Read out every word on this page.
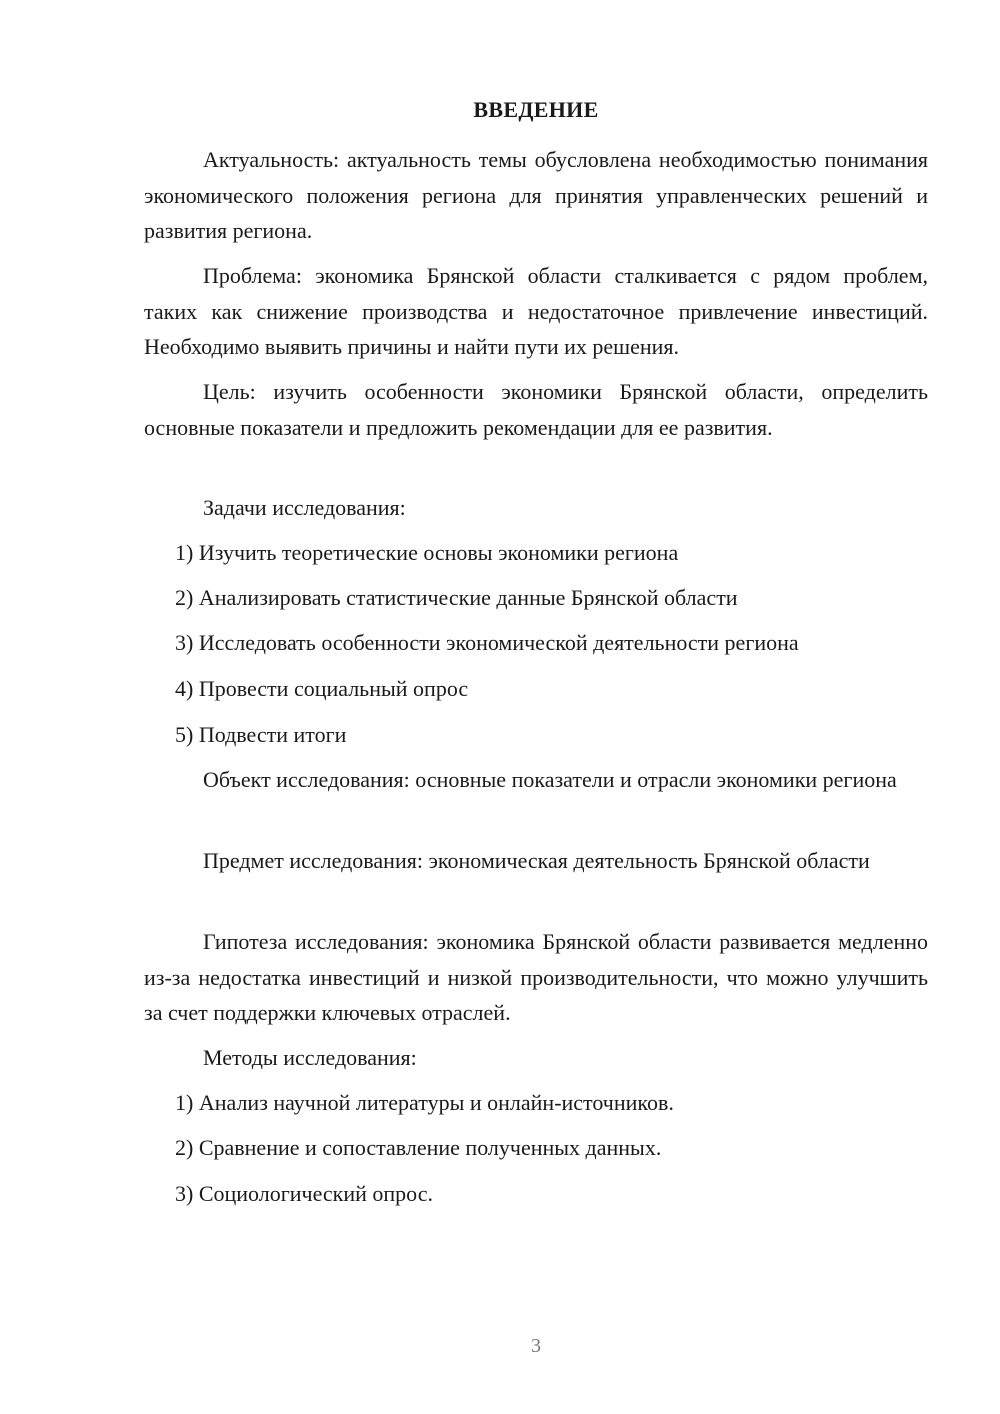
ВВЕДЕНИЕ

Актуальность: актуальность темы обусловлена необходимостью понимания экономического положения региона для принятия управленческих решений и развития региона.

Проблема: экономика Брянской области сталкивается с рядом проблем, таких как снижение производства и недостаточное привлечение инвестиций. Необходимо выявить причины и найти пути их решения.

Цель: изучить особенности экономики Брянской области, определить основные показатели и предложить рекомендации для ее развития.

Задачи исследования:

1) Изучить теоретические основы экономики региона

2) Анализировать статистические данные Брянской области

3) Исследовать особенности экономической деятельности региона

4) Провести социальный опрос

5) Подвести итоги

Объект исследования: основные показатели и отрасли экономики региона

Предмет исследования: экономическая деятельность Брянской области

Гипотеза исследования: экономика Брянской области развивается медленно из-за недостатка инвестиций и низкой производительности, что можно улучшить за счет поддержки ключевых отраслей.

Методы исследования:

1) Анализ научной литературы и онлайн-источников.

2) Сравнение и сопоставление полученных данных.

3) Социологический опрос.

3
